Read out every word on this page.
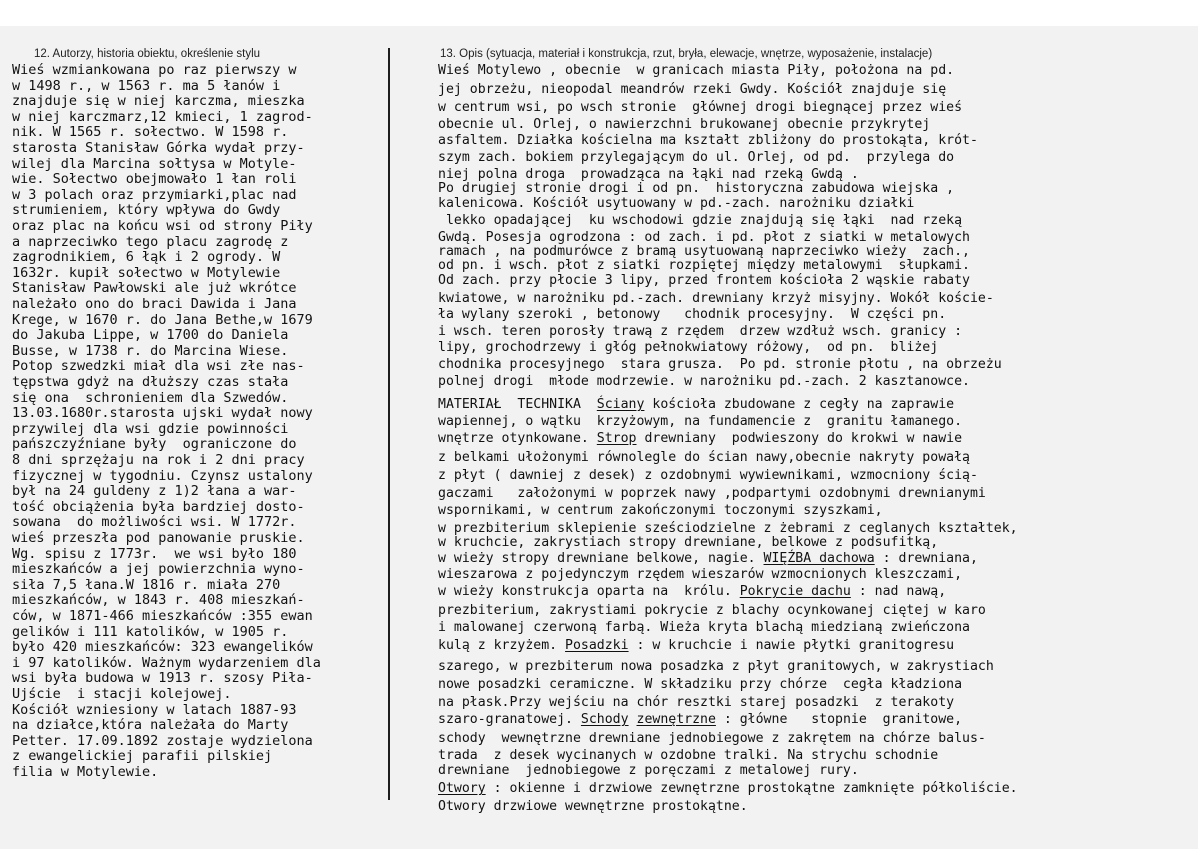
12. Autorzy, historia obiektu, określenie stylu	13. Opis (sytuacja, materiał i konstrukcja, rzut, bryła, elewacje, wnętrze, wyposażenie, instalacje)
Wieś wzmiankowana po raz pierwszy w
w 1498 r., w 1563 r. ma 5 łanów i
znajduje się w niej karczma, mieszka
w niej karczmarz,12 kmieci, 1 zagrod-
nik. W 1565 r. sołectwo. W 1598 r.
starosta Stanisław Górka wydał przy-
wilej dla Marcina sołtysa w Motyle-
wie. Sołectwo obejmowało 1 łan roli
w 3 polach oraz przymiarki,plac nad
strumieniem, który wpływa do Gwdy
oraz plac na końcu wsi od strony Piły
a naprzeciwko tego placu zagrodę z
zagrodnikiem, 6 łąk i 2 ogrody. W
1632r. kupił sołectwo w Motylewie
Stanisław Pawłowski ale już wkrótce
należało ono do braci Dawida i Jana
Krege, w 1670 r. do Jana Bethe,w 1679
do Jakuba Lippe, w 1700 do Daniela
Busse, w 1738 r. do Marcina Wiese.
Potop szwedzki miał dla wsi złe nas-
tępstwa gdyż na dłuższy czas stała
się ona  schronieniem dla Szwedów.
13.03.1680r.starosta ujski wydał nowy
przywilej dla wsi gdzie powinności
pańszczyźniane były  ograniczone do
8 dni sprzężaju na rok i 2 dni pracy
fizycznej w tygodniu. Czynsz ustalony
był na 24 guldeny z 1)2 łana a war-
tość obciążenia była bardziej dosto-
sowana  do możliwości wsi. W 1772r.
wieś przeszła pod panowanie pruskie.
Wg. spisu z 1773r.  we wsi było 180
mieszkańców a jej powierzchnia wyno-
siła 7,5 łana.W 1816 r. miała 270
mieszkańców, w 1843 r. 408 mieszkań-
ców, w 1871-466 mieszkańców :355 ewan
gelików i 111 katolików, w 1905 r.
było 420 mieszkańców: 323 ewangelików
i 97 katolików. Ważnym wydarzeniem dla
wsi była budowa w 1913 r. szosy Piła-
Ujście  i stacji kolejowej.
Kościół wzniesiony w latach 1887-93
na działce,która należała do Marty
Petter. 17.09.1892 zostaje wydzielona
z ewangelickiej parafii pilskiej
filia w Motylewie.
Wieś Motylewo , obecnie  w granicach miasta Piły, położona na pd.
jej obrzeżu, nieopodal meandrów rzeki Gwdy. Kościół znajduje się
w centrum wsi, po wsch stronie  głównej drogi biegnącej przez wieś
obecnie ul. Orlej, o nawierzchni brukowanej obecnie przykrytej
asfaltem. Działka kościelna ma kształt zbliżony do prostokąta, krót-
szym zach. bokiem przylegającym do ul. Orlej, od pd.  przylega do
niej polna droga  prowadząca na łąki nad rzeką Gwdą .
Po drugiej stronie drogi i od pn.  historyczna zabudowa wiejska ,
kalenicowa. Kościół usytuowany w pd.-zach. narożniku działki
lekko opadającej  ku wschodowi gdzie znajdują się łąki  nad rzeką
Gwdą. Posesja ogrodzona : od zach. i pd. płot z siatki w metalowych
ramach , na podmurówce z bramą usytuowaną naprzeciwko wieży  zach.,
od pn. i wsch. płot z siatki rozpiętej między metalowymi  słupkami.
Od zach. przy płocie 3 lipy, przed frontem kościoła 2 wąskie rabaty
kwiatowe, w narożniku pd.-zach. drewniany krzyż misyjny. Wokół koście-
ła wylany szeroki , betonowy   chodnik procesyjny.  W części pn.
i wsch. teren porosły trawą z rzędem  drzew wzdłuż wsch. granicy :
lipy, grochodrzewy i głóg pełnokwiatowy różowy,  od pn.  bliżej
chodnika procesyjnego  stara grusza.  Po pd. stronie płotu , na obrzeżu
polnej drogi  młode modrzewie. w narożniku pd.-zach. 2 kasztanowce.
MATERIAŁ  TECHNIKA  Ściany kościoła zbudowane z cegły na zaprawie
wapiennej, o wątku  krzyżowym, na fundamencie z  granitu łamanego.
wnętrze otynkowane. Strop drewniany  podwieszony do krokwi w nawie
z belkami ułożonymi równolegle do ścian nawy,obecnie nakryty powałą
z płyt ( dawniej z desek) z ozdobnymi wywiewnikami, wzmocniony ścią-
gaczami   założonymi w poprzek nawy ,podpartymi ozdobnymi drewnianymi
wspornikami, w centrum zakończonymi toczonymi szyszkami,
w prezbiterium sklepienie sześciodzielne z żebrami z ceglanych kształtek,
w kruchcie, zakrystiach stropy drewniane, belkowe z podsufitką,
w wieży stropy drewniane belkowe, nagie. WIĘŹBA dachowa : drewniana,
wieszarowa z pojedynczym rzędem wieszarów wzmocnionych kleszczami,
w wieży konstrukcja oparta na  królu. Pokrycie dachu : nad nawą,
prezbiterium, zakrystiami pokrycie z blachy ocynkowanej ciętej w karo
i malowanej czerwoną farbą. Wieża kryta blachą miedzianą zwieńczona
kulą z krzyżem. Posadzki : w kruchcie i nawie płytki granitogresu
szarego, w prezbiterum nowa posadzka z płyt granitowych, w zakrystiach
nowe posadzki ceramiczne. W składziku przy chórze  cegła kładziona
na płask.Przy wejściu na chór resztki starej posadzki  z terakoty
szaro-granatowej. Schody zewnętrzne : główne   stopnie  granitowe,
schody  wewnętrzne drewniane jednobiegowe z zakrętem na chórze balus-
trada  z desek wycinanych w ozdobne tralki. Na strychu schodnie
drewniane  jednobiegowe z poręczami z metalowej rury.
Otwory : okienne i drzwiowe zewnętrzne prostokątne zamknięte półkoliście.
Otwory drzwiowe wewnętrzne prostokątne.
